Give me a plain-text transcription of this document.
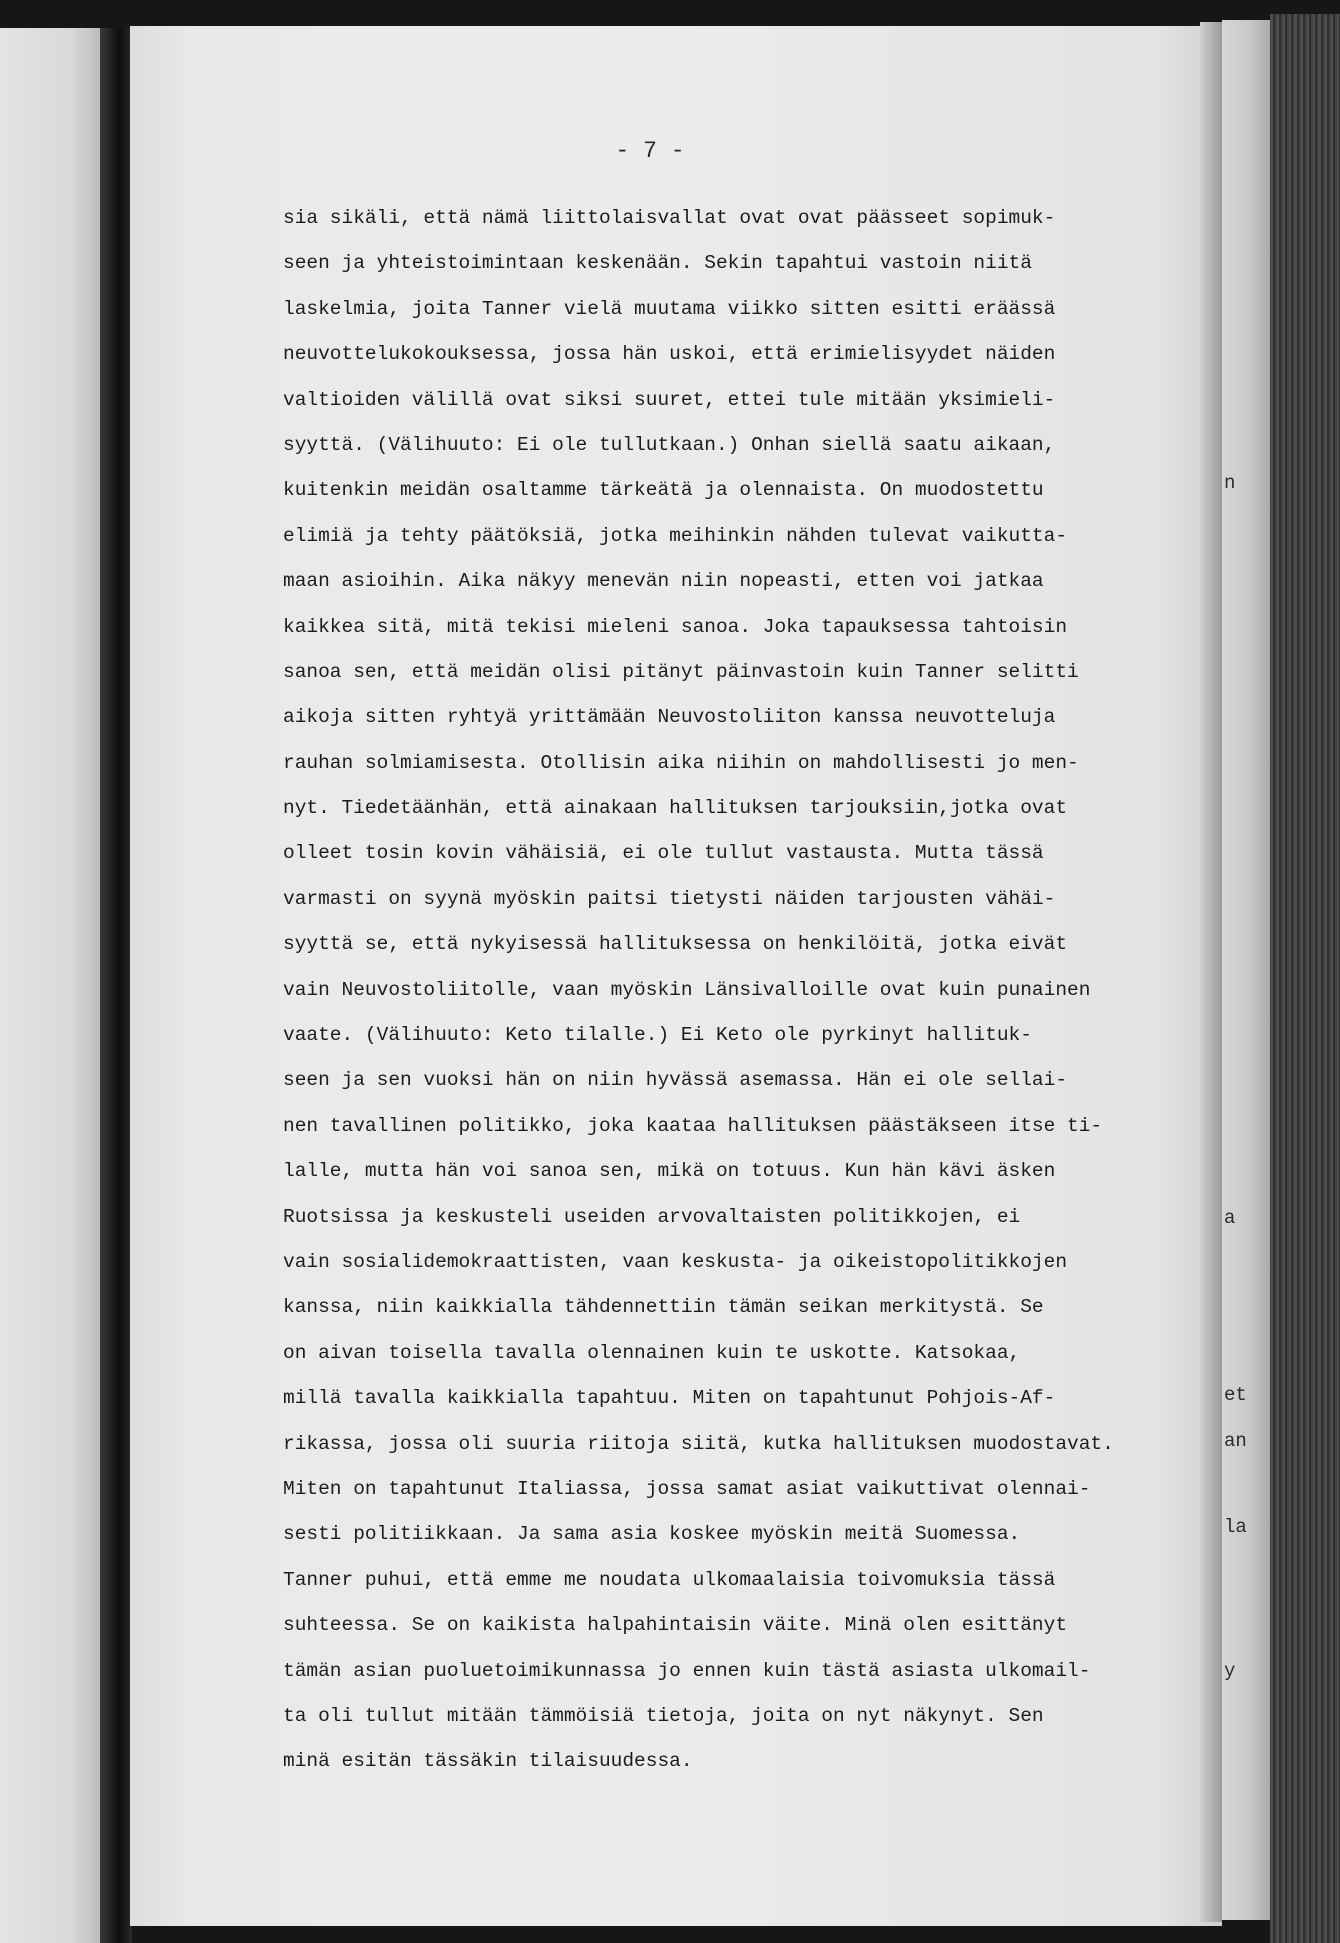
n
a
et
an
la
y
- 7 -
sia sikäli, että nämä liittolaisvallat ovat ovat päässeet sopimuk-
seen ja yhteistoimintaan keskenään. Sekin tapahtui vastoin niitä
laskelmia, joita Tanner vielä muutama viikko sitten esitti eräässä
neuvottelukokouksessa, jossa hän uskoi, että erimielisyydet näiden
valtioiden välillä ovat siksi suuret, ettei tule mitään yksimieli-
syyttä. (Välihuuto: Ei ole tullutkaan.) Onhan siellä saatu aikaan,
kuitenkin meidän osaltamme tärkeätä ja olennaista. On muodostettu
elimiä ja tehty päätöksiä, jotka meihinkin nähden tulevat vaikutta-
maan asioihin. Aika näkyy menevän niin nopeasti, etten voi jatkaa
kaikkea sitä, mitä tekisi mieleni sanoa. Joka tapauksessa tahtoisin
sanoa sen, että meidän olisi pitänyt päinvastoin kuin Tanner selitti
aikoja sitten ryhtyä yrittämään Neuvostoliiton kanssa neuvotteluja
rauhan solmiamisesta. Otollisin aika niihin on mahdollisesti jo men-
nyt. Tiedetäänhän, että ainakaan hallituksen tarjouksiin,jotka ovat
olleet tosin kovin vähäisiä, ei ole tullut vastausta. Mutta tässä
varmasti on syynä myöskin paitsi tietysti näiden tarjousten vähäi-
syyttä se, että nykyisessä hallituksessa on henkilöitä, jotka eivät
vain Neuvostoliitolle, vaan myöskin Länsivalloille ovat kuin punainen
vaate. (Välihuuto: Keto tilalle.) Ei Keto ole pyrkinyt hallituk-
seen ja sen vuoksi hän on niin hyvässä asemassa. Hän ei ole sellai-
nen tavallinen politikko, joka kaataa hallituksen päästäkseen itse ti-
lalle, mutta hän voi sanoa sen, mikä on totuus. Kun hän kävi äsken
Ruotsissa ja keskusteli useiden arvovaltaisten politikkojen, ei
vain sosialidemokraattisten, vaan keskusta- ja oikeistopolitikkojen
kanssa, niin kaikkialla tähdennettiin tämän seikan merkitystä. Se
on aivan toisella tavalla olennainen kuin te uskotte. Katsokaa,
millä tavalla kaikkialla tapahtuu. Miten on tapahtunut Pohjois-Af-
rikassa, jossa oli suuria riitoja siitä, kutka hallituksen muodostavat.
Miten on tapahtunut Italiassa, jossa samat asiat vaikuttivat olennai-
sesti politiikkaan. Ja sama asia koskee myöskin meitä Suomessa.
Tanner puhui, että emme me noudata ulkomaalaisia toivomuksia tässä
suhteessa. Se on kaikista halpahintaisin väite. Minä olen esittänyt
tämän asian puoluetoimikunnassa jo ennen kuin tästä asiasta ulkomail-
ta oli tullut mitään tämmöisiä tietoja, joita on nyt näkynyt. Sen
minä esitän tässäkin tilaisuudessa.
